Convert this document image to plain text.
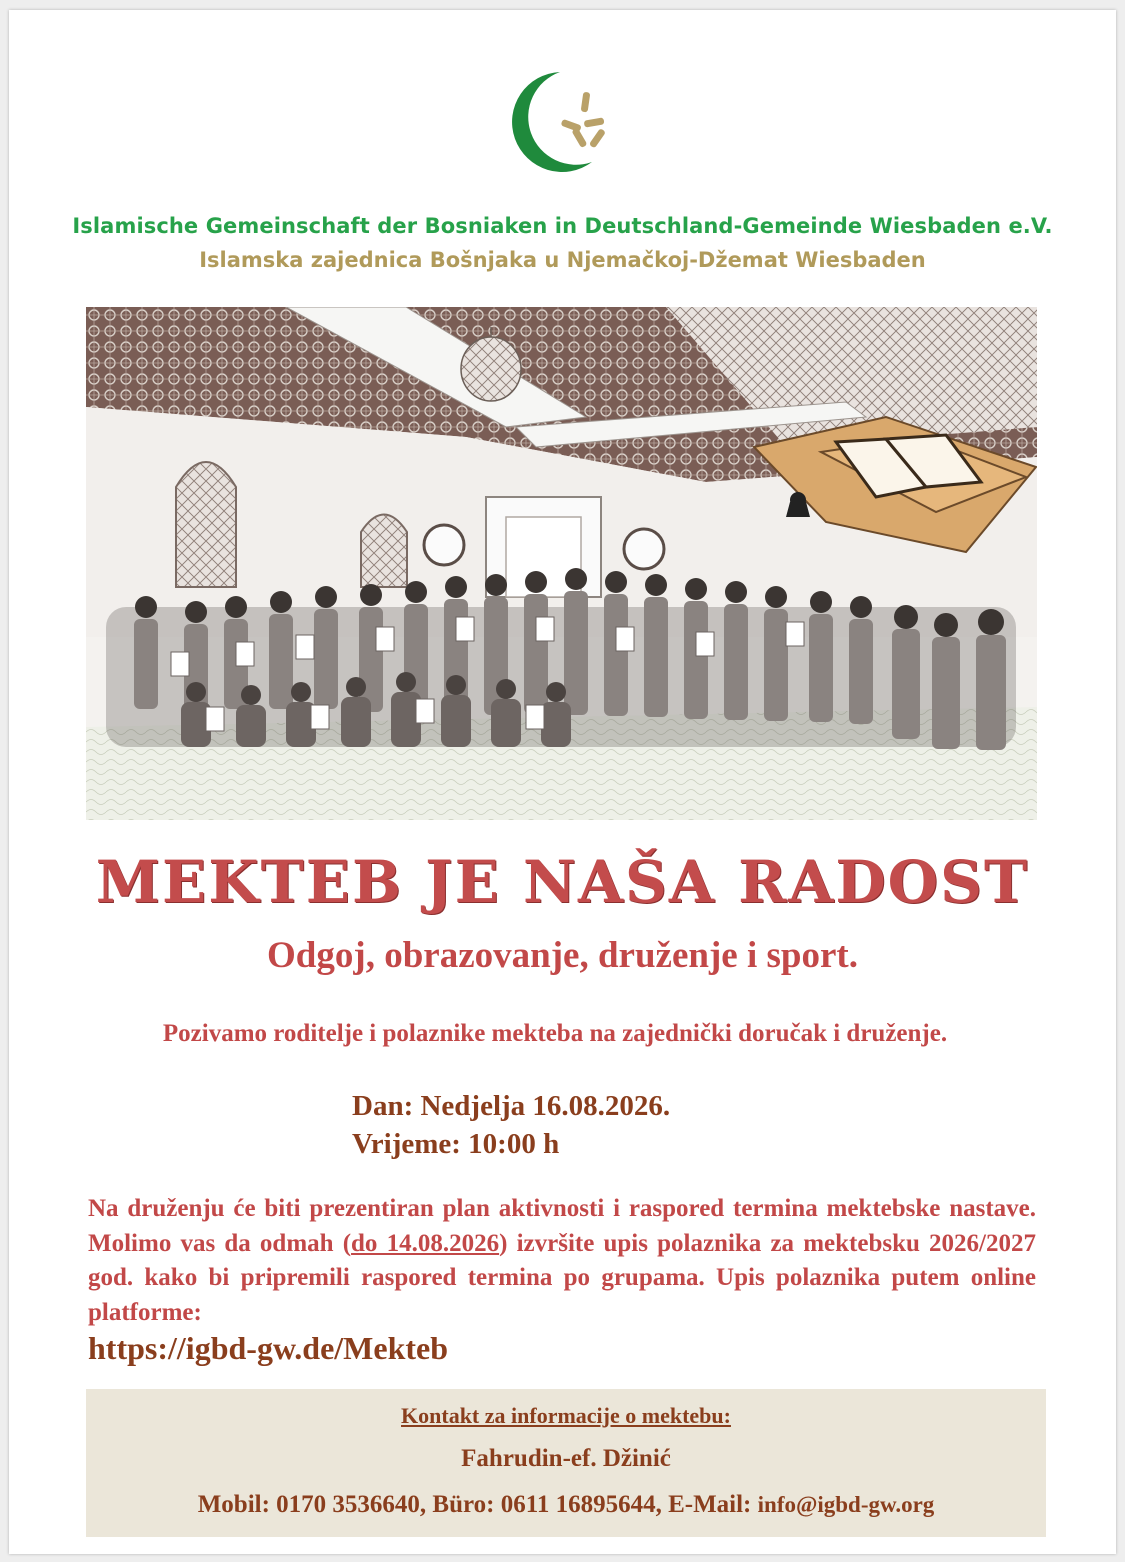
Islamische Gemeinschaft der Bosniaken in Deutschland-Gemeinde Wiesbaden e.V.
Islamska zajednica Bošnjaka u Njemačkoj-Džemat Wiesbaden
MEKTEB JE NAŠA RADOST
Odgoj, obrazovanje, druženje i sport.
Pozivamo roditelje i polaznike mekteba na zajednički doručak i druženje.
Dan: Nedjelja 16.08.2026.
Vrijeme: 10:00 h
Na druženju će biti prezentiran plan aktivnosti i raspored termina mektebske nastave. Molimo vas da odmah (do 14.08.2026) izvršite upis polaznika za mektebsku 2026/2027 god. kako bi pripremili raspored termina po grupama. Upis polaznika putem online platforme:
https://igbd-gw.de/Mekteb
Kontakt za informacije o mektebu:
Fahrudin-ef. Džinić
Mobil: 0170 3536640, Büro: 0611 16895644, E-Mail: info@igbd-gw.org
